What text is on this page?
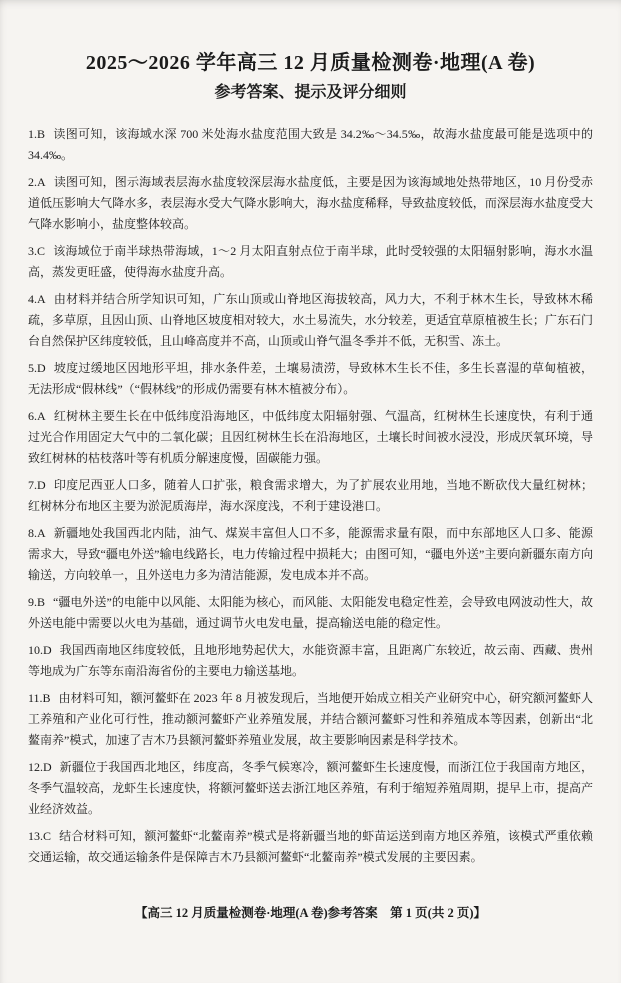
2025～2026 学年高三 12 月质量检测卷·地理(A 卷)
参考答案、提示及评分细则

1.B 读图可知，该海域水深 700 米处海水盐度范围大致是 34.2‰～34.5‰，故海水盐度最可能是选项中的 34.4‰。

2.A 读图可知，图示海域表层海水盐度较深层海水盐度低，主要是因为该海域地处热带地区，10 月份受赤道低压影响大气降水多，表层海水受大气降水影响大，海水盐度稀释，导致盐度较低，而深层海水盐度受大气降水影响小，盐度整体较高。

3.C 该海域位于南半球热带海域，1～2 月太阳直射点位于南半球，此时受较强的太阳辐射影响，海水水温高，蒸发更旺盛，使得海水盐度升高。

4.A 由材料并结合所学知识可知，广东山顶或山脊地区海拔较高，风力大，不利于林木生长，导致林木稀疏，多草原，且因山顶、山脊地区坡度相对较大，水土易流失，水分较差，更适宜草原植被生长；广东石门台自然保护区纬度较低，且山峰高度并不高，山顶或山脊气温冬季并不低，无积雪、冻土。

5.D 坡度过缓地区因地形平坦，排水条件差，土壤易渍涝，导致林木生长不佳，多生长喜湿的草甸植被，无法形成“假林线”（“假林线”的形成仍需要有林木植被分布）。

6.A 红树林主要生长在中低纬度沿海地区，中低纬度太阳辐射强、气温高，红树林生长速度快，有利于通过光合作用固定大气中的二氧化碳；且因红树林生长在沿海地区，土壤长时间被水浸没，形成厌氧环境，导致红树林的枯枝落叶等有机质分解速度慢，固碳能力强。

7.D 印度尼西亚人口多，随着人口扩张，粮食需求增大，为了扩展农业用地，当地不断砍伐大量红树林；红树林分布地区主要为淤泥质海岸，海水深度浅，不利于建设港口。

8.A 新疆地处我国西北内陆，油气、煤炭丰富但人口不多，能源需求量有限，而中东部地区人口多、能源需求大，导致“疆电外送”输电线路长，电力传输过程中损耗大；由图可知，“疆电外送”主要向新疆东南方向输送，方向较单一，且外送电力多为清洁能源，发电成本并不高。

9.B “疆电外送”的电能中以风能、太阳能为核心，而风能、太阳能发电稳定性差，会导致电网波动性大，故外送电能中需要以火电为基础，通过调节火电发电量，提高输送电能的稳定性。

10.D 我国西南地区纬度较低，且地形地势起伏大，水能资源丰富，且距离广东较近，故云南、西藏、贵州等地成为广东等东南沿海省份的主要电力输送基地。

11.B 由材料可知，额河鳌虾在 2023 年 8 月被发现后，当地便开始成立相关产业研究中心，研究额河鳌虾人工养殖和产业化可行性，推动额河鳌虾产业养殖发展，并结合额河鳌虾习性和养殖成本等因素，创新出“北鳌南养”模式，加速了吉木乃县额河鳌虾养殖业发展，故主要影响因素是科学技术。

12.D 新疆位于我国西北地区，纬度高，冬季气候寒冷，额河鳌虾生长速度慢，而浙江位于我国南方地区，冬季气温较高，龙虾生长速度快，将额河鳌虾送去浙江地区养殖，有利于缩短养殖周期，提早上市，提高产业经济效益。

13.C 结合材料可知，额河鳌虾“北鳌南养”模式是将新疆当地的虾苗运送到南方地区养殖，该模式严重依赖交通运输，故交通运输条件是保障吉木乃县额河鳌虾“北鳌南养”模式发展的主要因素。

【高三 12 月质量检测卷·地理(A 卷)参考答案　第 1 页(共 2 页)】
